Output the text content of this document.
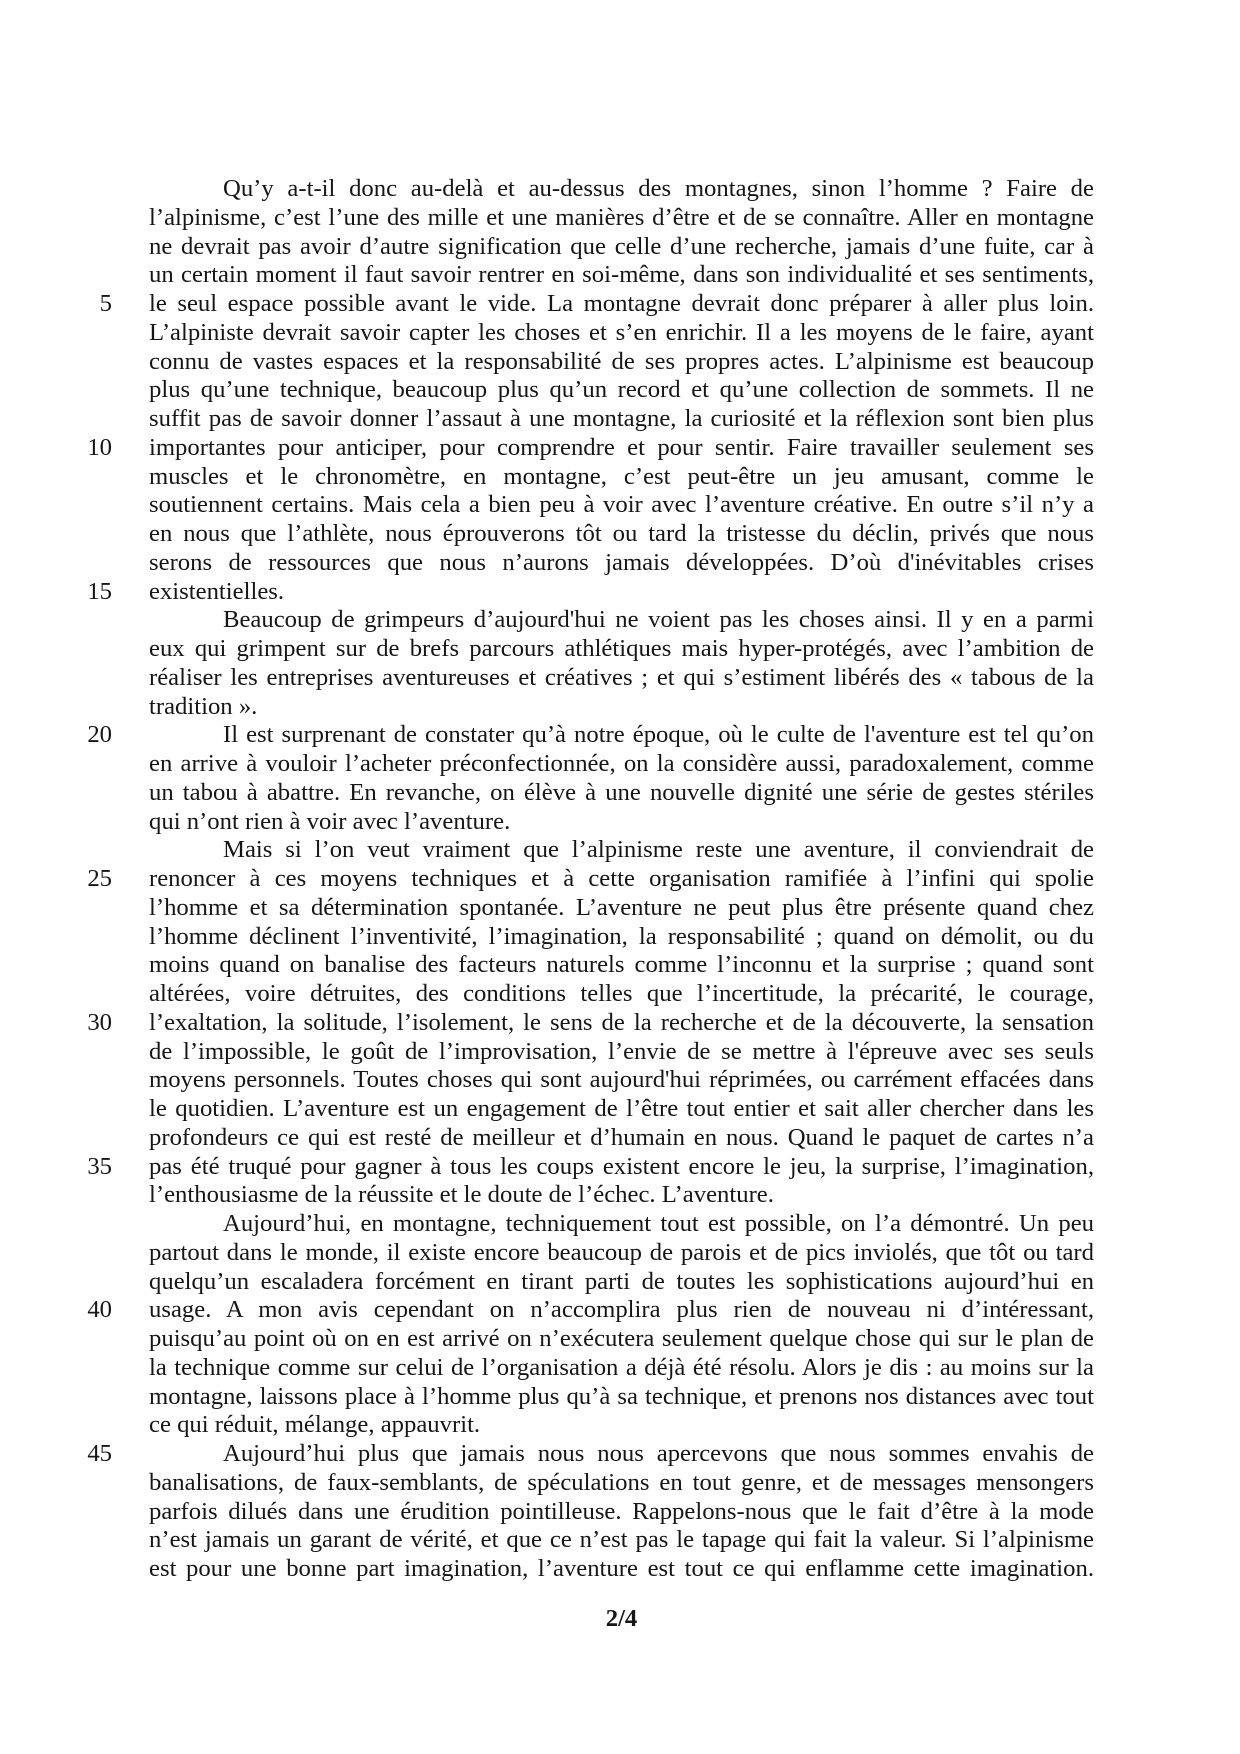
Qu’y a-t-il donc au-delà et au-dessus des montagnes, sinon l’homme ? Faire de
l’alpinisme, c’est l’une des mille et une manières d’être et de se connaître. Aller en montagne
ne devrait pas avoir d’autre signification que celle d’une recherche, jamais d’une fuite, car à
un certain moment il faut savoir rentrer en soi-même, dans son individualité et ses sentiments,
5 le seul espace possible avant le vide. La montagne devrait donc préparer à aller plus loin.
L’alpiniste devrait savoir capter les choses et s’en enrichir. Il a les moyens de le faire, ayant
connu de vastes espaces et la responsabilité de ses propres actes. L’alpinisme est beaucoup
plus qu’une technique, beaucoup plus qu’un record et qu’une collection de sommets. Il ne
suffit pas de savoir donner l’assaut à une montagne, la curiosité et la réflexion sont bien plus
10 importantes pour anticiper, pour comprendre et pour sentir. Faire travailler seulement ses
muscles et le chronomètre, en montagne, c’est peut-être un jeu amusant, comme le
soutiennent certains. Mais cela a bien peu à voir avec l’aventure créative. En outre s’il n’y a
en nous que l’athlète, nous éprouverons tôt ou tard la tristesse du déclin, privés que nous
serons de ressources que nous n’aurons jamais développées. D’où d'inévitables crises
15 existentielles.
Beaucoup de grimpeurs d’aujourd'hui ne voient pas les choses ainsi. Il y en a parmi
eux qui grimpent sur de brefs parcours athlétiques mais hyper-protégés, avec l’ambition de
réaliser les entreprises aventureuses et créatives ; et qui s’estiment libérés des « tabous de la
tradition ».
20	Il est surprenant de constater qu’à notre époque, où le culte de l'aventure est tel qu’on
en arrive à vouloir l’acheter préconfectionnée, on la considère aussi, paradoxalement, comme
un tabou à abattre. En revanche, on élève à une nouvelle dignité une série de gestes stériles
qui n’ont rien à voir avec l’aventure.
Mais si l’on veut vraiment que l’alpinisme reste une aventure, il conviendrait de
25 renoncer à ces moyens techniques et à cette organisation ramifiée à l’infini qui spolie
l’homme et sa détermination spontanée. L’aventure ne peut plus être présente quand chez
l’homme déclinent l’inventivité, l’imagination, la responsabilité ; quand on démolit, ou du
moins quand on banalise des facteurs naturels comme l’inconnu et la surprise ; quand sont
altérées, voire détruites, des conditions telles que l’incertitude, la précarité, le courage,
30 l’exaltation, la solitude, l’isolement, le sens de la recherche et de la découverte, la sensation
de l’impossible, le goût de l’improvisation, l’envie de se mettre à l'épreuve avec ses seuls
moyens personnels. Toutes choses qui sont aujourd'hui réprimées, ou carrément effacées dans
le quotidien. L’aventure est un engagement de l’être tout entier et sait aller chercher dans les
profondeurs ce qui est resté de meilleur et d’humain en nous. Quand le paquet de cartes n’a
35 pas été truqué pour gagner à tous les coups existent encore le jeu, la surprise, l’imagination,
l’enthousiasme de la réussite et le doute de l’échec. L’aventure.
Aujourd’hui, en montagne, techniquement tout est possible, on l’a démontré. Un peu
partout dans le monde, il existe encore beaucoup de parois et de pics inviolés, que tôt ou tard
quelqu’un escaladera forcément en tirant parti de toutes les sophistications aujourd’hui en
40 usage. A mon avis cependant on n’accomplira plus rien de nouveau ni d’intéressant,
puisqu’au point où on en est arrivé on n’exécutera seulement quelque chose qui sur le plan de
la technique comme sur celui de l’organisation a déjà été résolu. Alors je dis : au moins sur la
montagne, laissons place à l’homme plus qu’à sa technique, et prenons nos distances avec tout
ce qui réduit, mélange, appauvrit.
45	Aujourd’hui plus que jamais nous nous apercevons que nous sommes envahis de
banalisations, de faux-semblants, de spéculations en tout genre, et de messages mensongers
parfois dilués dans une érudition pointilleuse. Rappelons-nous que le fait d’être à la mode
n’est jamais un garant de vérité, et que ce n’est pas le tapage qui fait la valeur. Si l’alpinisme
est pour une bonne part imagination, l’aventure est tout ce qui enflamme cette imagination.
2/4
